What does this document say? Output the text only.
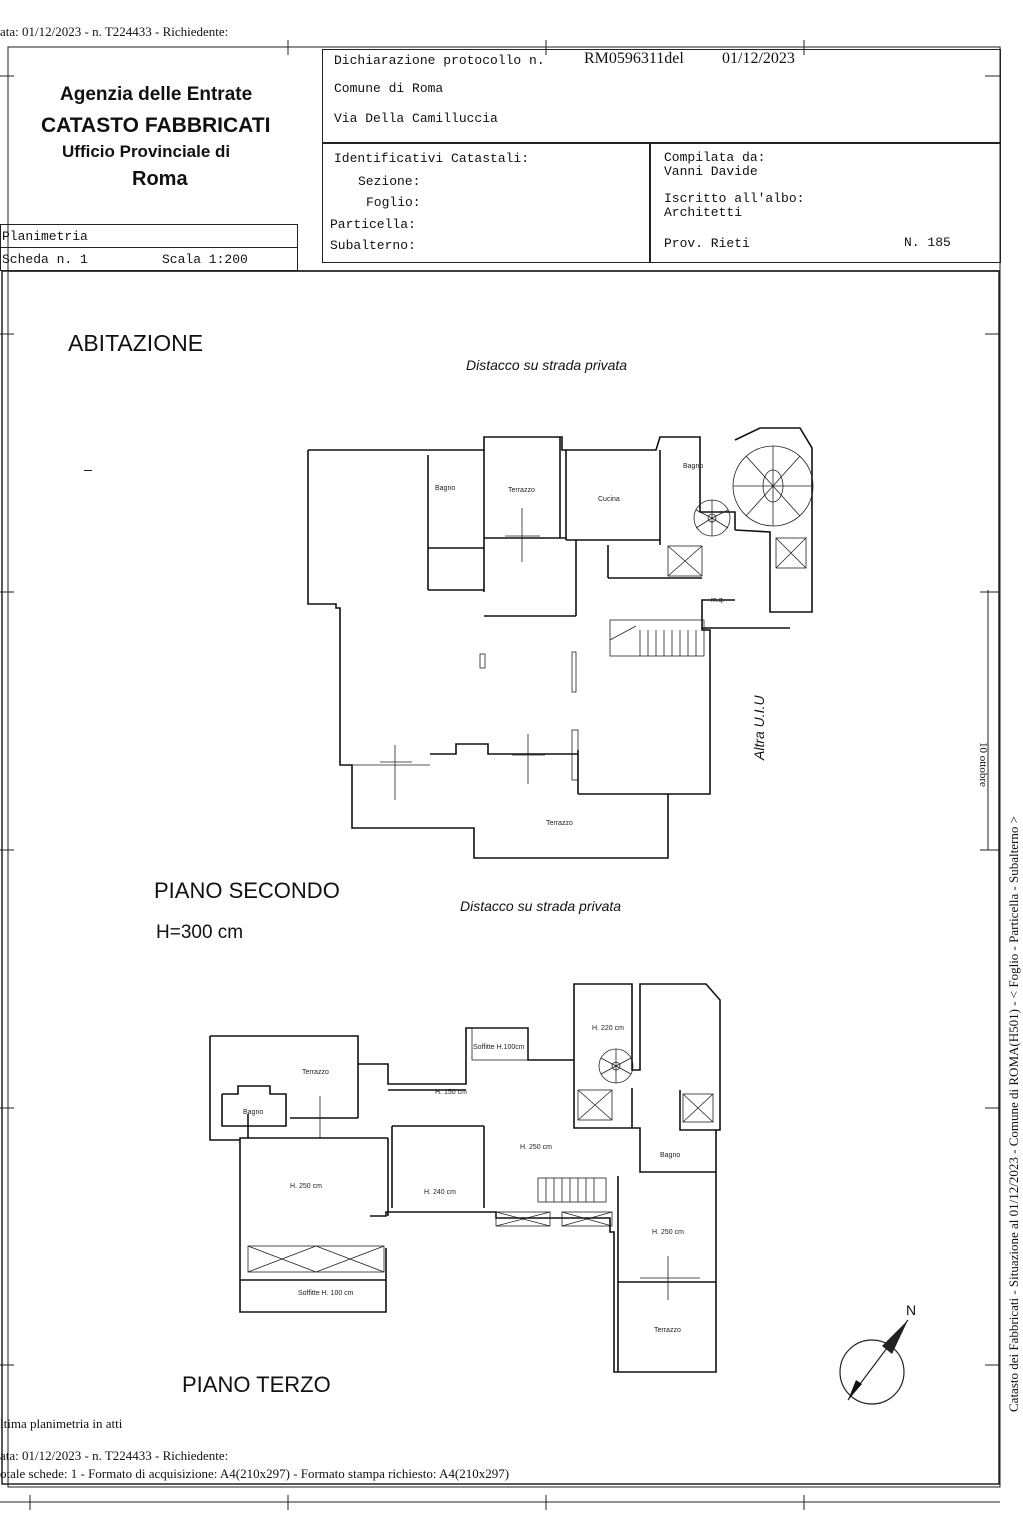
ata: 01/12/2023 - n. T224433 - Richiedente:
Agenzia delle Entrate
CATASTO FABBRICATI
Ufficio Provinciale di
Roma
Dichiarazione protocollo n. RM0596311del 01/12/2023
Comune di Roma
Via Della Camilluccia
Identificativi Catastali:
Sezione:
Foglio:
Particella:
Subalterno:
Compilata da:
Vanni Davide
Iscritto all'albo:
Architetti
Prov. Rieti	N. 185
Planimetria
Scheda n. 1	Scala 1:200
ABITAZIONE
Distacco su strada privata
PIANO SECONDO
H=300 cm
Distacco su strada privata
PIANO TERZO
Altra U.I.U
N
Bagno	Terrazzo
Cucina
Bagno
m.q.
Terrazzo
Terrazzo
Bagno
Soffitte H.100cm
H. 150 cm
H. 220 cm
H. 250 cm
H. 240 cm
H. 250 cm
Bagno
H. 250 cm
Soffitte H. 100 cm
Terrazzo
ltima planimetria in atti
ata: 01/12/2023 - n. T224433 - Richiedente:
otale schede: 1 - Formato di acquisizione: A4(210x297) - Formato stampa richiesto: A4(210x297)
Catasto dei Fabbricati - Situazione al 01/12/2023 - Comune di ROMA(H501) - < Foglio - Particella - Subalterno >
10 ottobre
